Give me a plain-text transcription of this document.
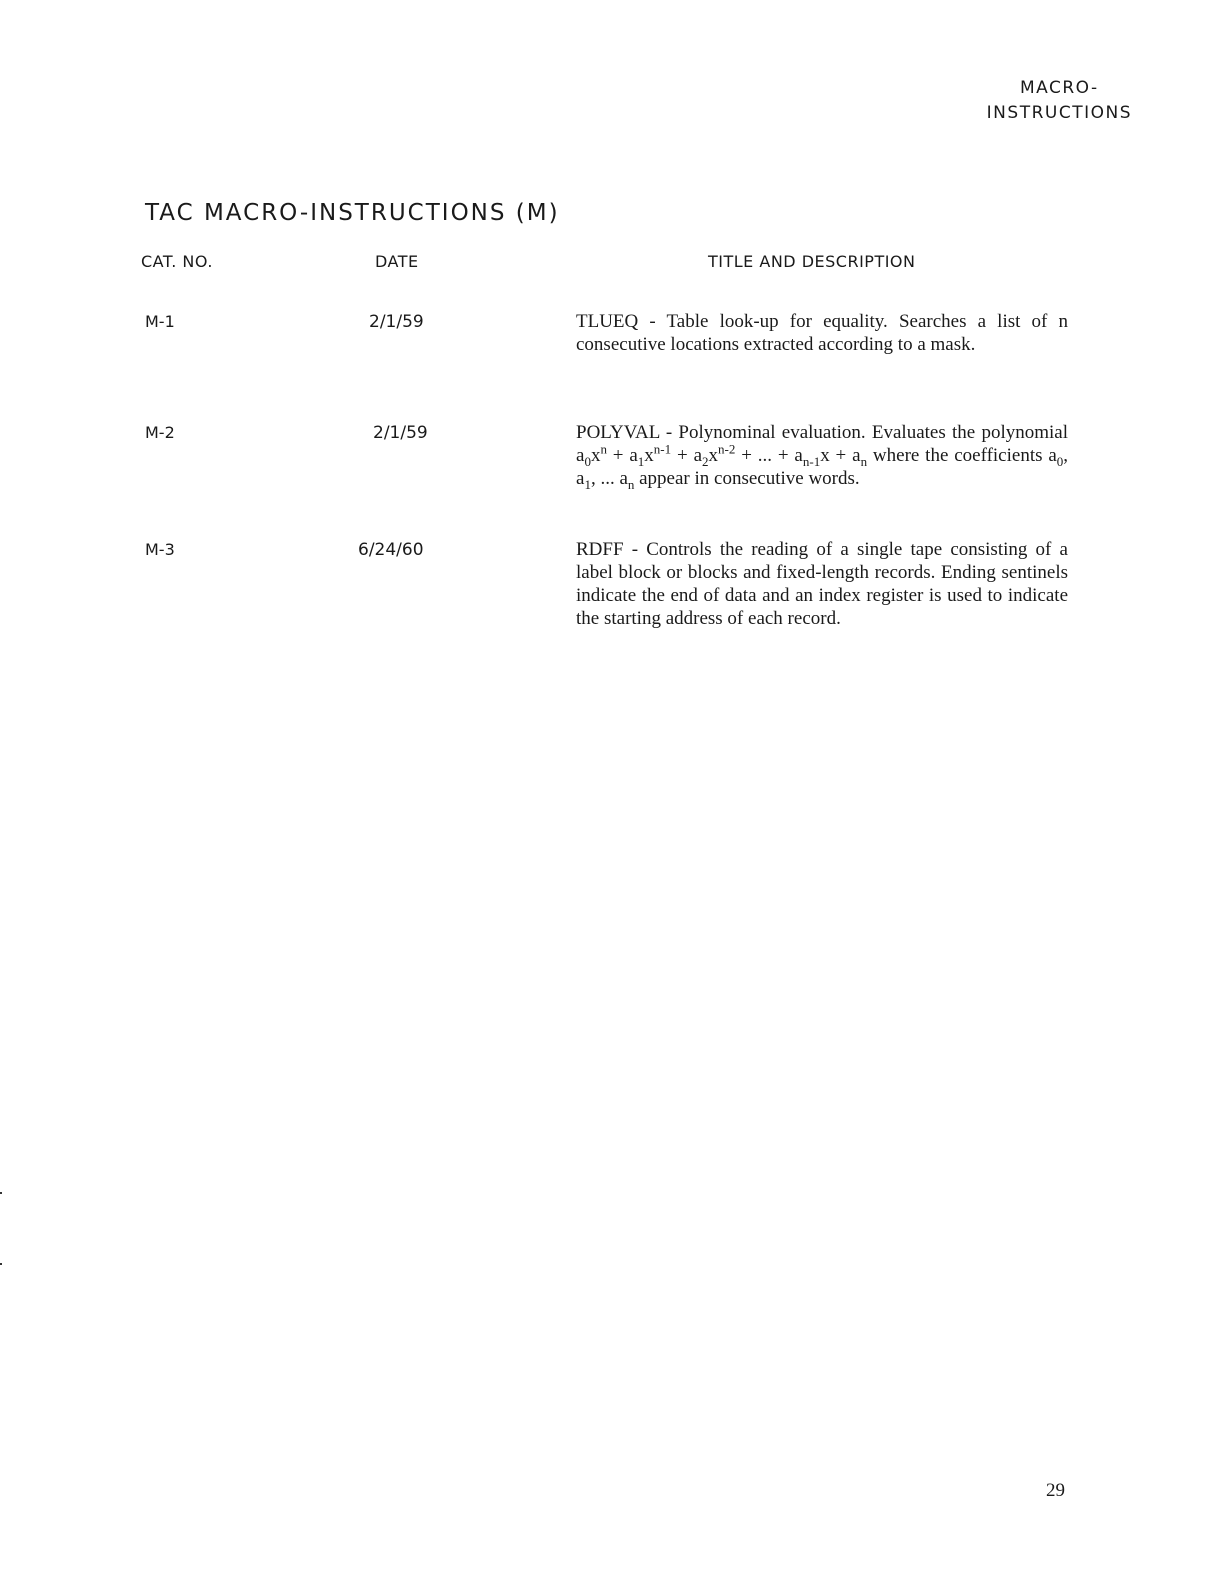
MACRO-
INSTRUCTIONS
TAC MACRO-INSTRUCTIONS (M)
CAT. NO.	DATE	TITLE AND DESCRIPTION
M-1	2/1/59	TLUEQ - Table look-up for equality. Searches a list of n consecutive locations extracted according to a mask.
M-2	2/1/59	POLYVAL - Polynominal evaluation. Evaluates the polynomial $a_0x^n + a_1x^{n-1} + a_2x^{n-2}$ + ... + $a_{n-1}x + a_n$ where the coefficients $a_0$, $a_1$, ... $a_n$ appear in consecutive words.
M-3	6/24/60	RDFF - Controls the reading of a single tape consisting of a label block or blocks and fixed-length records. Ending sentinels indicate the end of data and an index register is used to indicate the starting address of each record.
29
